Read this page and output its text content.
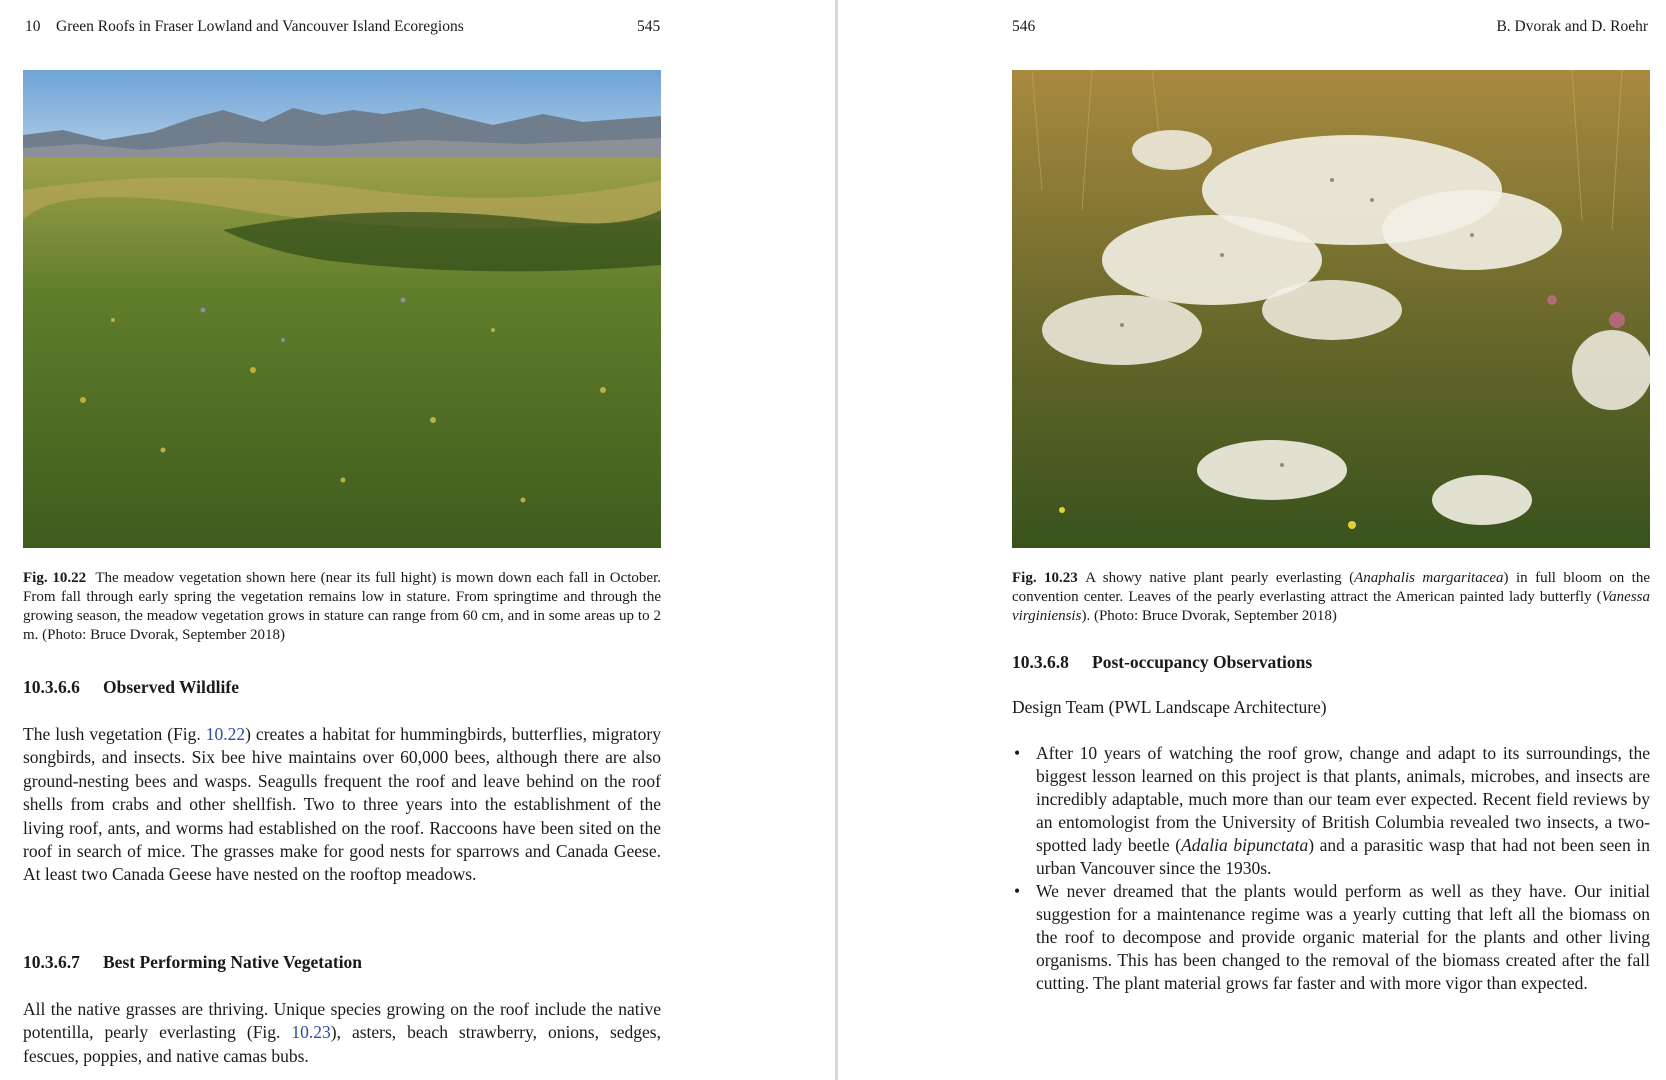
10 Green Roofs in Fraser Lowland and Vancouver Island Ecoregions	545
Fig. 10.22 The meadow vegetation shown here (near its full hight) is mown down each fall in October. From fall through early spring the vegetation remains low in stature. From springtime and through the growing season, the meadow vegetation grows in stature can range from 60 cm, and in some areas up to 2 m. (Photo: Bruce Dvorak, September 2018)
10.3.6.6 Observed Wildlife

The lush vegetation (Fig. 10.22) creates a habitat for hummingbirds, butterflies, migratory songbirds, and insects. Six bee hive maintains over 60,000 bees, although there are also ground-nesting bees and wasps. Seagulls frequent the roof and leave behind on the roof shells from crabs and other shellfish. Two to three years into the establishment of the living roof, ants, and worms had established on the roof. Raccoons have been sited on the roof in search of mice. The grasses make for good nests for sparrows and Canada Geese. At least two Canada Geese have nested on the rooftop meadows.

10.3.6.7 Best Performing Native Vegetation

All the native grasses are thriving. Unique species growing on the roof include the native potentilla, pearly everlasting (Fig. 10.23), asters, beach strawberry, onions, sedges, fescues, poppies, and native camas bubs.

546	B. Dvorak and D. Roehr
Fig. 10.23 A showy native plant pearly everlasting (Anaphalis margaritacea) in full bloom on the convention center. Leaves of the pearly everlasting attract the American painted lady butterfly (Vanessa virginiensis). (Photo: Bruce Dvorak, September 2018)
10.3.6.8 Post-occupancy Observations
Design Team (PWL Landscape Architecture)
• After 10 years of watching the roof grow, change and adapt to its surroundings, the biggest lesson learned on this project is that plants, animals, microbes, and insects are incredibly adaptable, much more than our team ever expected. Recent field reviews by an entomologist from the University of British Columbia revealed two insects, a two-spotted lady beetle (Adalia bipunctata) and a parasitic wasp that had not been seen in urban Vancouver since the 1930s.
• We never dreamed that the plants would perform as well as they have. Our initial suggestion for a maintenance regime was a yearly cutting that left all the biomass on the roof to decompose and provide organic material for the plants and other living organisms. This has been changed to the removal of the biomass created after the fall cutting. The plant material grows far faster and with more vigor than expected.
